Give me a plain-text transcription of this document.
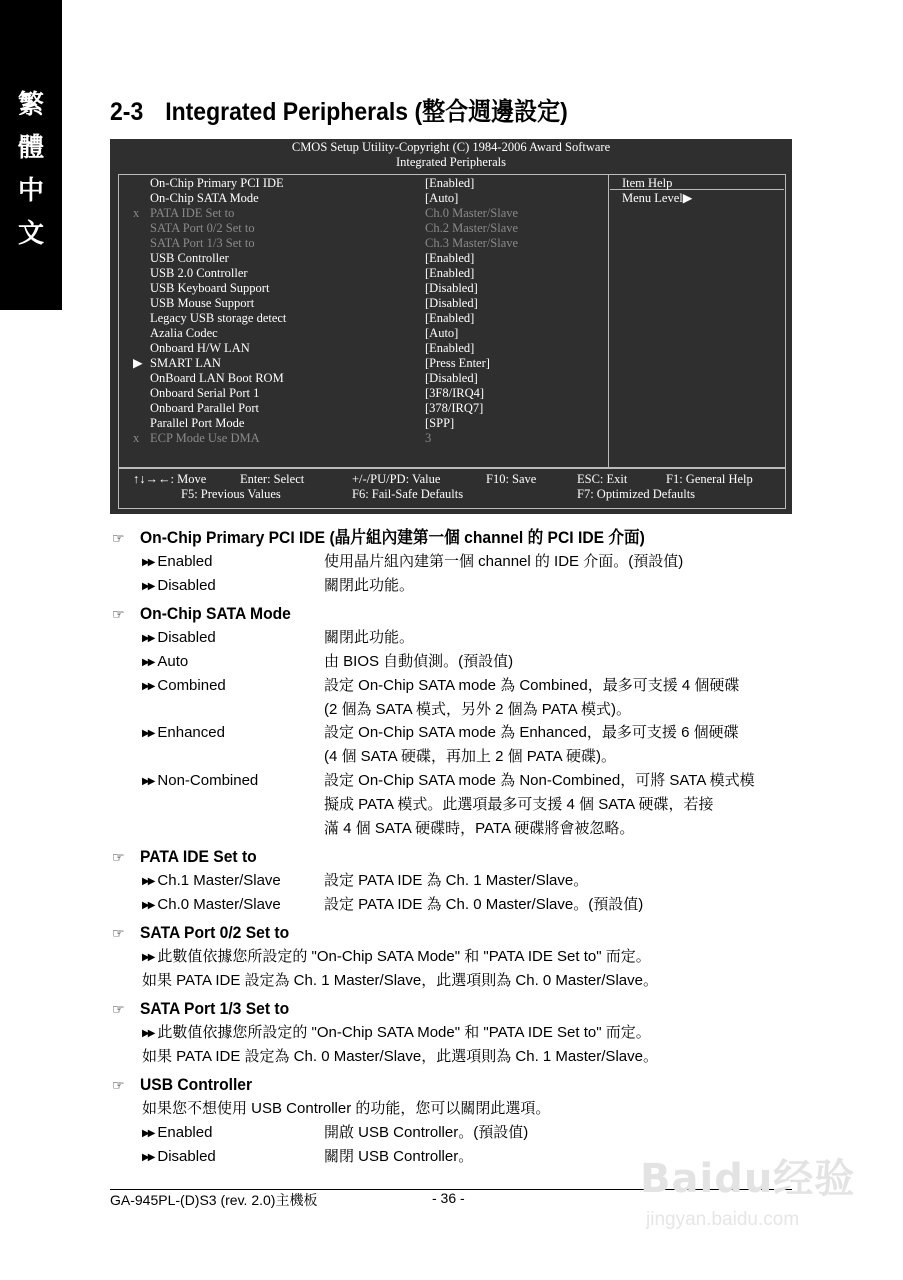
繁
體
中
文
2-3 Integrated Peripherals (整合週邊設定)
CMOS Setup Utility-Copyright (C) 1984-2006 Award Software
Integrated Peripherals
Item Help
Menu Level▶
On-Chip Primary PCI IDE	[Enabled]
On-Chip SATA Mode	[Auto]
x PATA IDE Set to	Ch.0 Master/Slave
SATA Port 0/2 Set to	Ch.2 Master/Slave
SATA Port 1/3 Set to	Ch.3 Master/Slave
USB Controller	[Enabled]
USB 2.0 Controller	[Enabled]
USB Keyboard Support	[Disabled]
USB Mouse Support	[Disabled]
Legacy USB storage detect	[Enabled]
Azalia Codec	[Auto]
Onboard H/W LAN	[Enabled]
▶ SMART LAN	[Press Enter]
OnBoard LAN Boot ROM	[Disabled]
Onboard Serial Port 1	[3F8/IRQ4]
Onboard Parallel Port	[378/IRQ7]
Parallel Port Mode	[SPP]
x ECP Mode Use DMA	3
↑↓→←: Move	Enter: Select	+/-/PU/PD: Value	F10: Save	ESC: Exit	F1: General Help
F5: Previous Values	F6: Fail-Safe Defaults	F7: Optimized Defaults
☞ On-Chip Primary PCI IDE (晶片組內建第一個 channel 的 PCI IDE 介面)
▶▶ Enabled	使用晶片組內建第一個 channel 的 IDE 介面。(預設值)
▶▶ Disabled	關閉此功能。
☞ On-Chip SATA Mode
▶▶ Disabled	關閉此功能。
▶▶ Auto	由 BIOS 自動偵測。(預設值)
▶▶ Combined	設定 On-Chip SATA mode 為 Combined，最多可支援 4 個硬碟
(2 個為 SATA 模式，另外 2 個為 PATA 模式)。
▶▶ Enhanced	設定 On-Chip SATA mode 為 Enhanced，最多可支援 6 個硬碟
(4 個 SATA 硬碟，再加上 2 個 PATA 硬碟)。
▶▶ Non-Combined	設定 On-Chip SATA mode 為 Non-Combined，可將 SATA 模式模
擬成 PATA 模式。此選項最多可支援 4 個 SATA 硬碟，若接
滿 4 個 SATA 硬碟時，PATA 硬碟將會被忽略。
☞ PATA IDE Set to
▶▶ Ch.1 Master/Slave	設定 PATA IDE 為 Ch. 1 Master/Slave。
▶▶ Ch.0 Master/Slave	設定 PATA IDE 為 Ch. 0 Master/Slave。(預設值)
☞ SATA Port 0/2 Set to
▶▶ 此數值依據您所設定的 "On-Chip SATA Mode" 和 "PATA IDE Set to" 而定。
如果 PATA IDE 設定為 Ch. 1 Master/Slave，此選項則為 Ch. 0 Master/Slave。
☞ SATA Port 1/3 Set to
▶▶ 此數值依據您所設定的 "On-Chip SATA Mode" 和 "PATA IDE Set to" 而定。
如果 PATA IDE 設定為 Ch. 0 Master/Slave，此選項則為 Ch. 1 Master/Slave。
☞ USB Controller
如果您不想使用 USB Controller 的功能，您可以關閉此選項。
▶▶ Enabled	開啟 USB Controller。(預設值)
▶▶ Disabled	關閉 USB Controller。
GA-945PL-(D)S3 (rev. 2.0)主機板	- 36 -	Baidu经验
jingyan.baidu.com
